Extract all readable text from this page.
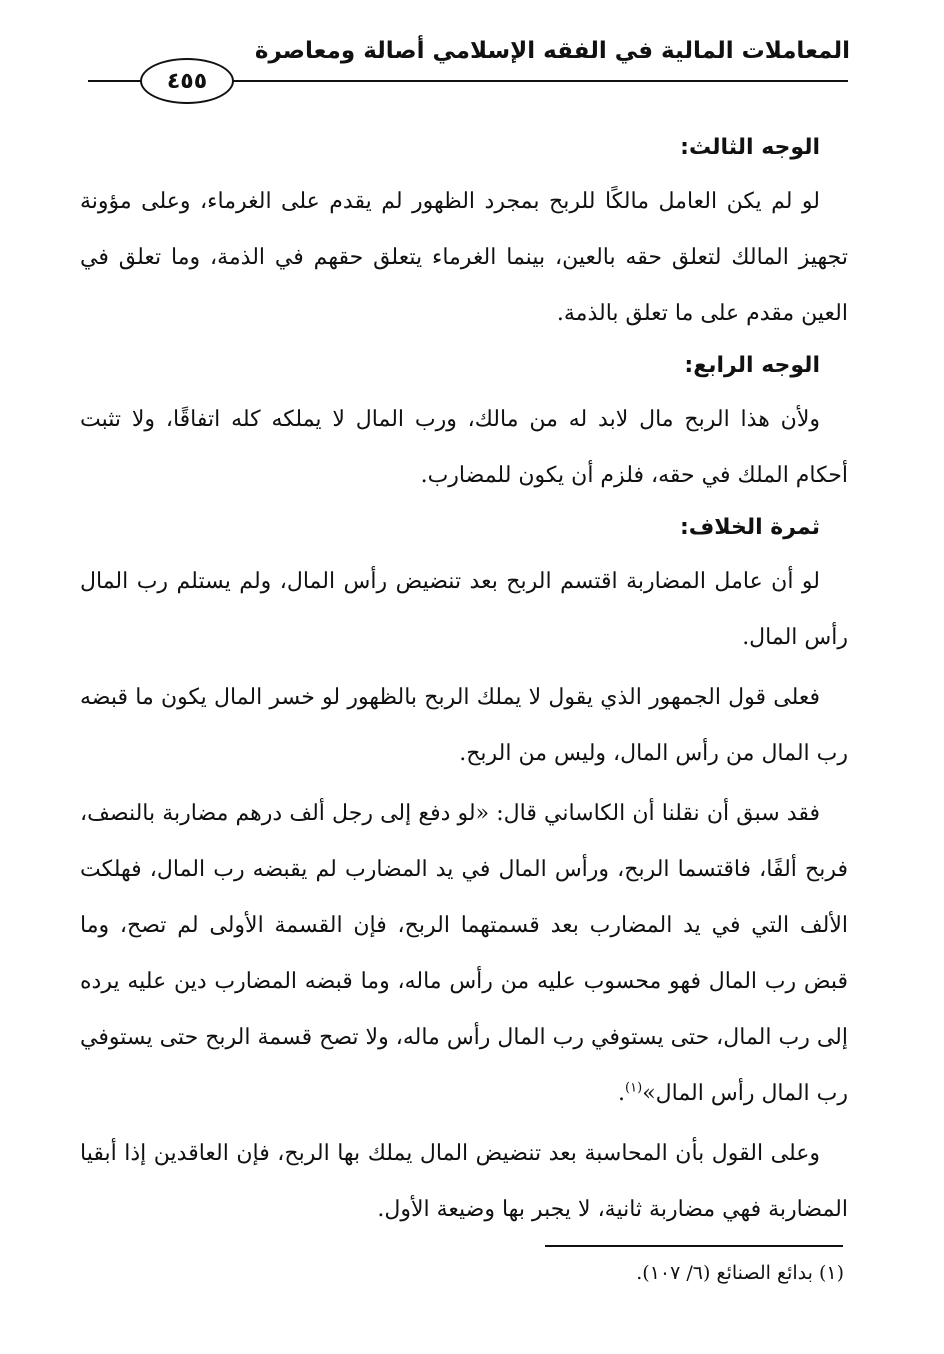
المعاملات المالية في الفقه الإسلامي أصالة ومعاصرة
٤٥٥
الوجه الثالث:

لو لم يكن العامل مالكًا للربح بمجرد الظهور لم يقدم على الغرماء، وعلى مؤونة تجهيز المالك لتعلق حقه بالعين، بينما الغرماء يتعلق حقهم في الذمة، وما تعلق في العين مقدم على ما تعلق بالذمة.

الوجه الرابع:

ولأن هذا الربح مال لابد له من مالك، ورب المال لا يملكه كله اتفاقًا، ولا تثبت أحكام الملك في حقه، فلزم أن يكون للمضارب.

ثمرة الخلاف:

لو أن عامل المضاربة اقتسم الربح بعد تنضيض رأس المال، ولم يستلم رب المال رأس المال.

فعلى قول الجمهور الذي يقول لا يملك الربح بالظهور لو خسر المال يكون ما قبضه رب المال من رأس المال، وليس من الربح.

فقد سبق أن نقلنا أن الكاساني قال: «لو دفع إلى رجل ألف درهم مضاربة بالنصف، فربح ألفًا، فاقتسما الربح، ورأس المال في يد المضارب لم يقبضه رب المال، فهلكت الألف التي في يد المضارب بعد قسمتهما الربح، فإن القسمة الأولى لم تصح، وما قبض رب المال فهو محسوب عليه من رأس ماله، وما قبضه المضارب دين عليه يرده إلى رب المال، حتى يستوفي رب المال رأس ماله، ولا تصح قسمة الربح حتى يستوفي رب المال رأس المال»$^{(١)}$.

وعلى القول بأن المحاسبة بعد تنضيض المال يملك بها الربح، فإن العاقدين إذا أبقيا المضاربة فهي مضاربة ثانية، لا يجبر بها وضيعة الأول.

(١) بدائع الصنائع (٦/ ١٠٧).
